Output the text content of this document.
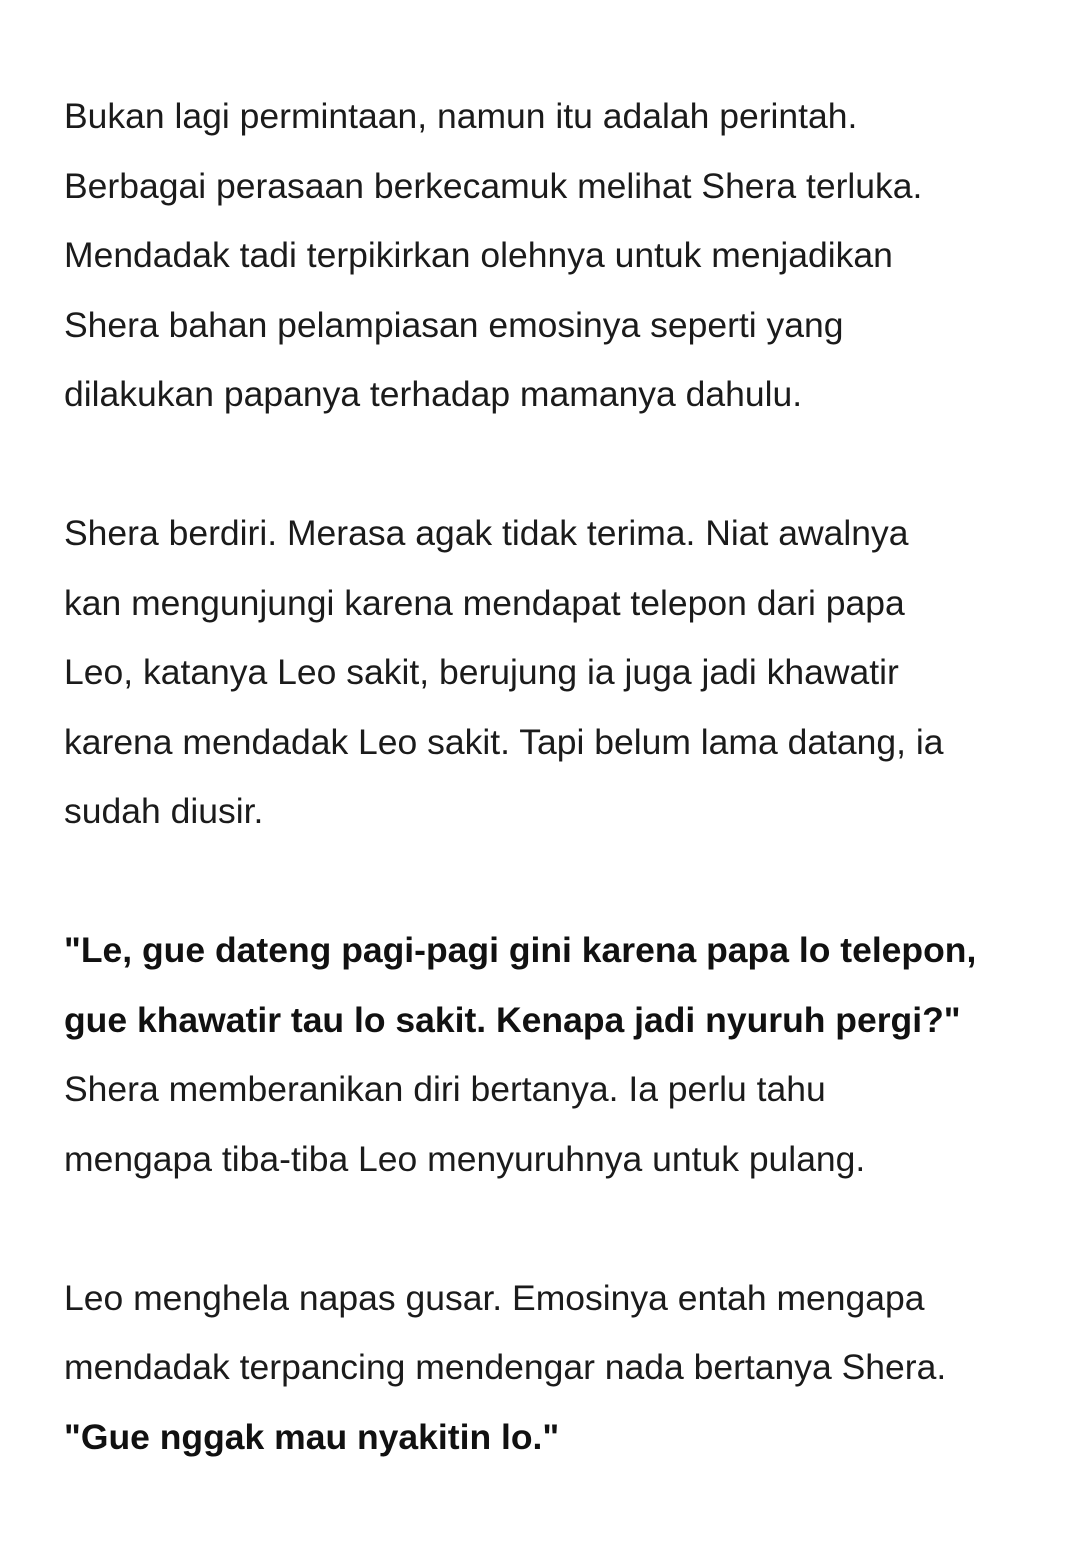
Bukan lagi permintaan, namun itu adalah perintah.
Berbagai perasaan berkecamuk melihat Shera terluka.
Mendadak tadi terpikirkan olehnya untuk menjadikan
Shera bahan pelampiasan emosinya seperti yang
dilakukan papanya terhadap mamanya dahulu.

Shera berdiri. Merasa agak tidak terima. Niat awalnya
kan mengunjungi karena mendapat telepon dari papa
Leo, katanya Leo sakit, berujung ia juga jadi khawatir
karena mendadak Leo sakit. Tapi belum lama datang, ia
sudah diusir.

"Le, gue dateng pagi-pagi gini karena papa lo telepon,
gue khawatir tau lo sakit. Kenapa jadi nyuruh pergi?"
Shera memberanikan diri bertanya. Ia perlu tahu
mengapa tiba-tiba Leo menyuruhnya untuk pulang.

Leo menghela napas gusar. Emosinya entah mengapa
mendadak terpancing mendengar nada bertanya Shera.
"Gue nggak mau nyakitin lo."
